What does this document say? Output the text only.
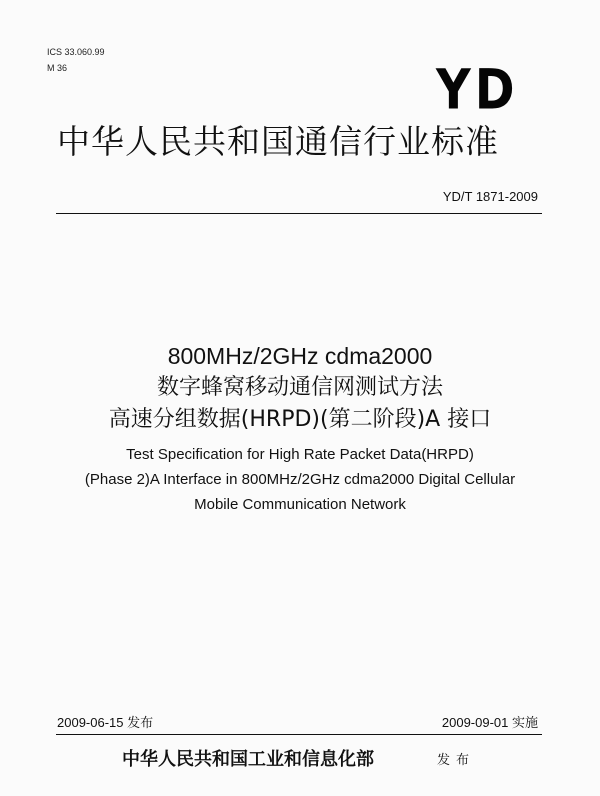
ICS 33.060.99
M 36	YD
中华人民共和国通信行业标准
YD/T 1871-2009
800MHz/2GHz cdma2000
数字蜂窝移动通信网测试方法
高速分组数据(HRPD)(第二阶段)A 接口
Test Specification for High Rate Packet Data(HRPD)
(Phase 2)A Interface in 800MHz/2GHz cdma2000 Digital Cellular
Mobile Communication Network
2009-06-15 发布	2009-09-01 实施
中华人民共和国工业和信息化部	发布
